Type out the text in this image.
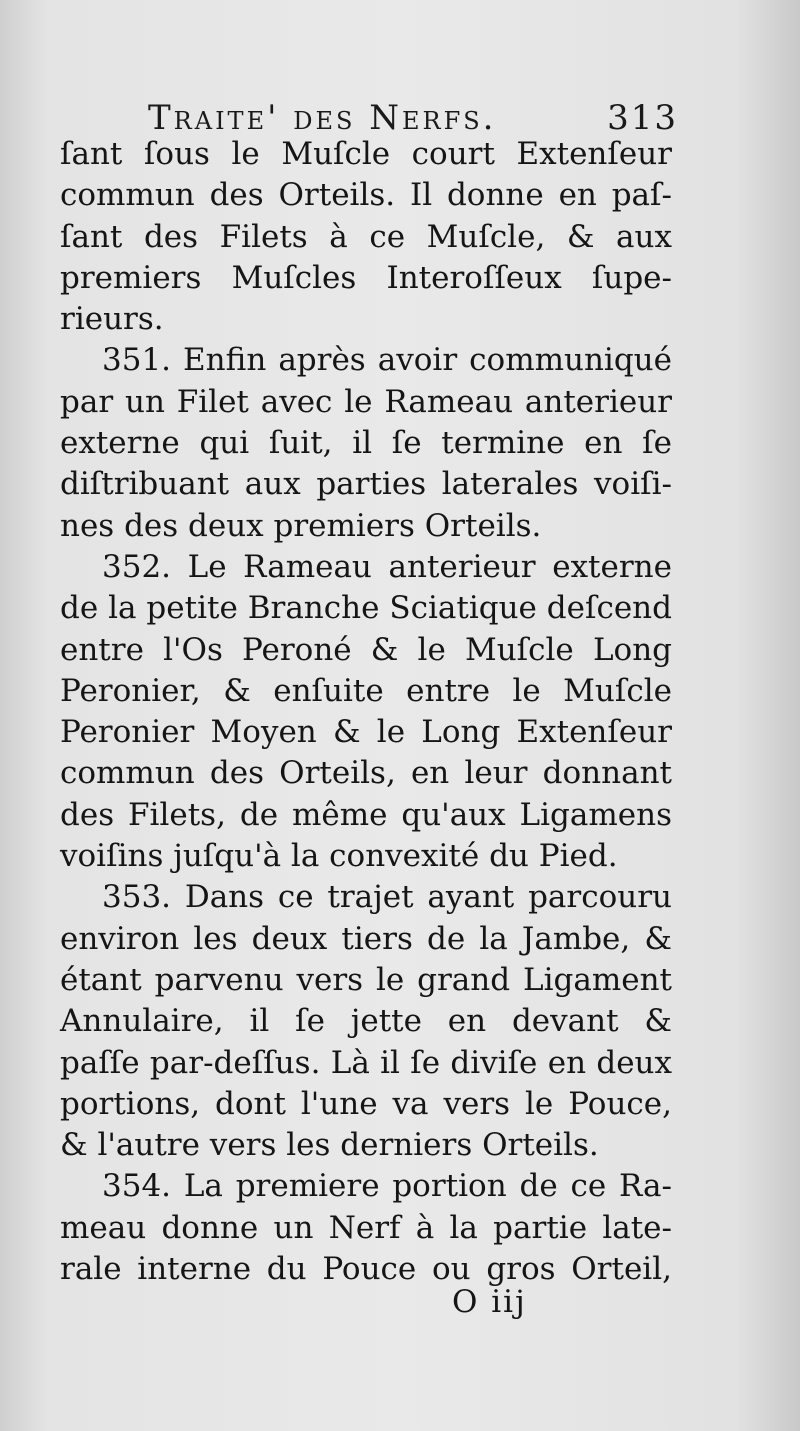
Traite' des Nerfs.	313
ſant ſous le Muſcle court Extenſeur
commun des Orteils. Il donne en paſ-
ſant des Filets à ce Muſcle, & aux
premiers Muſcles Interoſſeux ſupe-
rieurs.
351. Enfin après avoir communiqué
par un Filet avec le Rameau anterieur
externe qui ſuit, il ſe termine en ſe
diſtribuant aux parties laterales voiſi-
nes des deux premiers Orteils.
352. Le Rameau anterieur externe
de la petite Branche Sciatique deſcend
entre l'Os Peroné & le Muſcle Long
Peronier, & enſuite entre le Muſcle
Peronier Moyen & le Long Extenſeur
commun des Orteils, en leur donnant
des Filets, de même qu'aux Ligamens
voiſins juſqu'à la convexité du Pied.
353. Dans ce trajet ayant parcouru
environ les deux tiers de la Jambe, &
étant parvenu vers le grand Ligament
Annulaire, il ſe jette en devant &
paſſe par-deſſus. Là il ſe diviſe en deux
portions, dont l'une va vers le Pouce,
& l'autre vers les derniers Orteils.
354. La premiere portion de ce Ra-
meau donne un Nerf à la partie late-
rale interne du Pouce ou gros Orteil,
O iij
